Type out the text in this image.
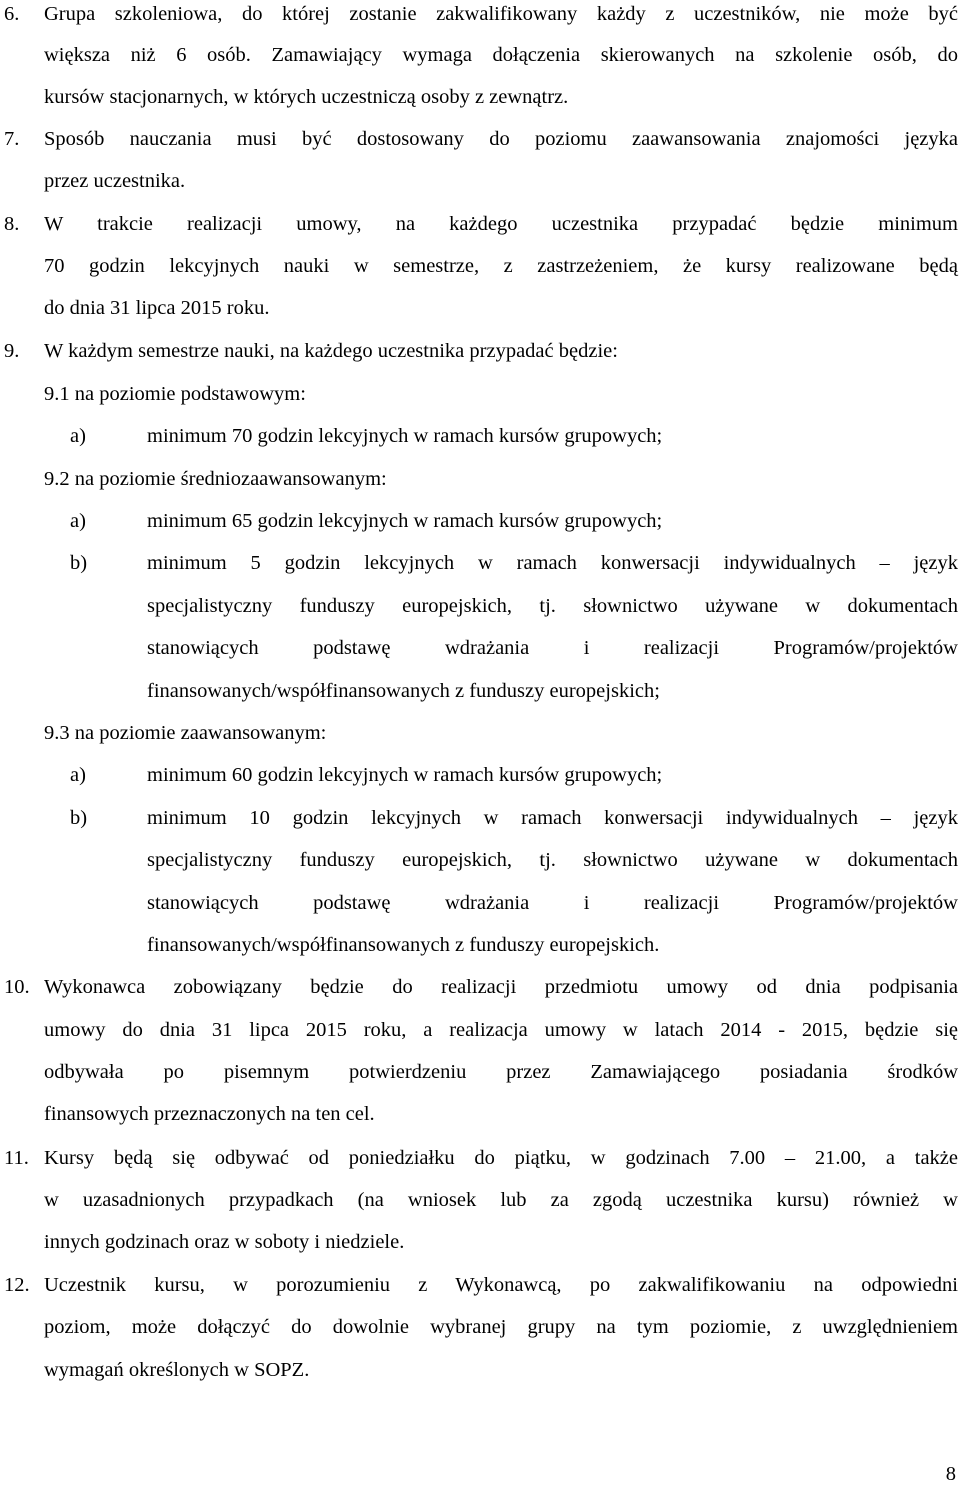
6. Grupa szkoleniowa, do której zostanie zakwalifikowany każdy z uczestników, nie może być
większa niż 6 osób. Zamawiający wymaga dołączenia skierowanych na szkolenie osób, do
kursów stacjonarnych, w których uczestniczą osoby z zewnątrz.
7. Sposób nauczania musi być dostosowany do poziomu zaawansowania znajomości języka
przez uczestnika.
8. W trakcie realizacji umowy, na każdego uczestnika przypadać będzie minimum
70 godzin lekcyjnych nauki w semestrze, z zastrzeżeniem, że kursy realizowane będą
do dnia 31 lipca 2015 roku.
9. W każdym semestrze nauki, na każdego uczestnika przypadać będzie:
9.1 na poziomie podstawowym:
a)	minimum 70 godzin lekcyjnych w ramach kursów grupowych;
9.2 na poziomie średniozaawansowanym:
a)	minimum 65 godzin lekcyjnych w ramach kursów grupowych;
b)	minimum 5 godzin lekcyjnych w ramach konwersacji indywidualnych – język
specjalistyczny funduszy europejskich, tj. słownictwo używane w dokumentach
stanowiących podstawę wdrażania i realizacji Programów/projektów
finansowanych/współfinansowanych z funduszy europejskich;
9.3 na poziomie zaawansowanym:
a)	minimum 60 godzin lekcyjnych w ramach kursów grupowych;
b)	minimum 10 godzin lekcyjnych w ramach konwersacji indywidualnych – język
specjalistyczny funduszy europejskich, tj. słownictwo używane w dokumentach
stanowiących podstawę wdrażania i realizacji Programów/projektów
finansowanych/współfinansowanych z funduszy europejskich.
10. Wykonawca zobowiązany będzie do realizacji przedmiotu umowy od dnia podpisania
umowy do dnia 31 lipca 2015 roku, a realizacja umowy w latach 2014 - 2015, będzie się
odbywała po pisemnym potwierdzeniu przez Zamawiającego posiadania środków
finansowych przeznaczonych na ten cel.
11. Kursy będą się odbywać od poniedziałku do piątku, w godzinach 7.00 – 21.00, a także
w uzasadnionych przypadkach (na wniosek lub za zgodą uczestnika kursu) również w
innych godzinach oraz w soboty i niedziele.
12. Uczestnik kursu, w porozumieniu z Wykonawcą, po zakwalifikowaniu na odpowiedni
poziom, może dołączyć do dowolnie wybranej grupy na tym poziomie, z uwzględnieniem
wymagań określonych w SOPZ.
8
